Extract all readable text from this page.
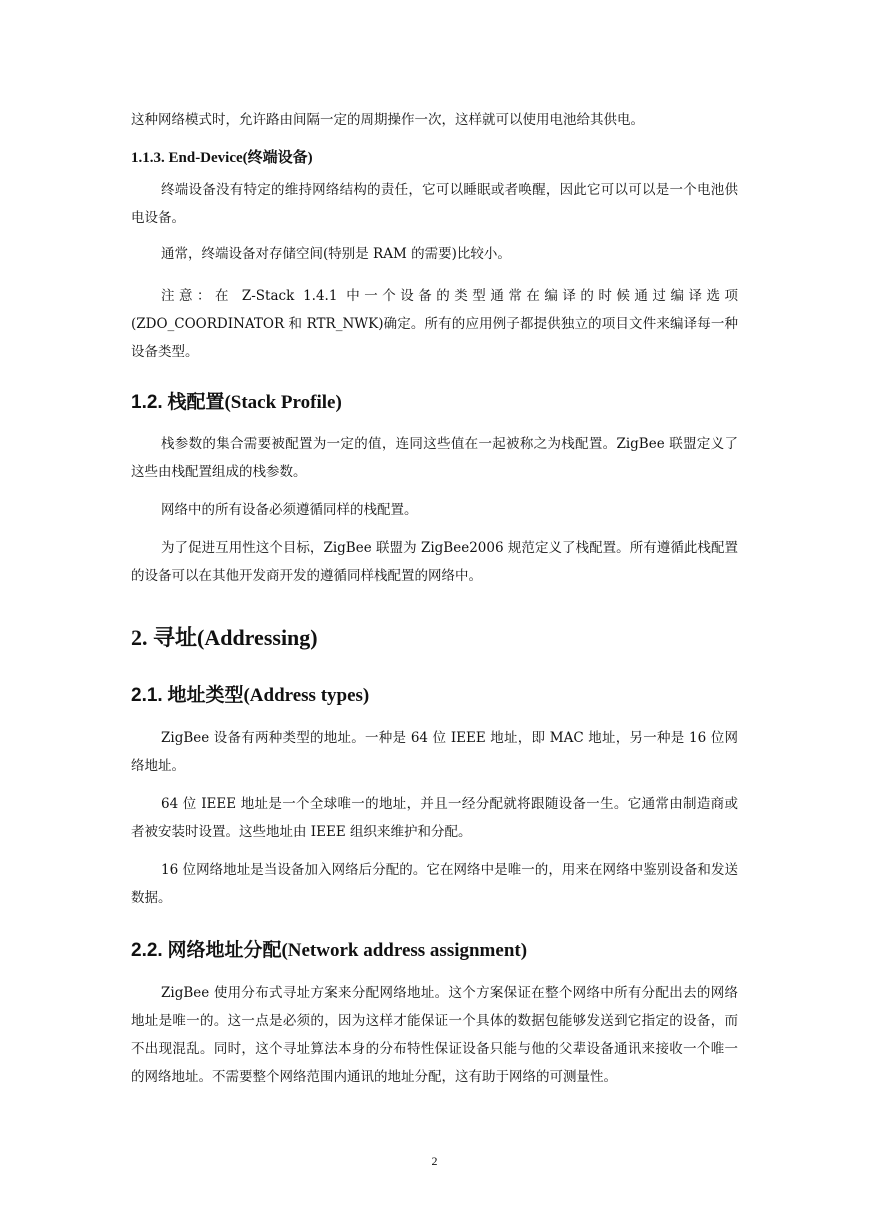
这种网络模式时，允许路由间隔一定的周期操作一次，这样就可以使用电池给其供电。

1.1.3. End-Device(终端设备)

终端设备没有特定的维持网络结构的责任，它可以睡眠或者唤醒，因此它可以可以是一个电池供电设备。

通常，终端设备对存储空间(特别是 RAM 的需要)比较小。

注意：在 Z-Stack 1.4.1 中一个设备的类型通常在编译的时候通过编译选项(ZDO_COORDINATOR 和 RTR_NWK)确定。所有的应用例子都提供独立的项目文件来编译每一种设备类型。

1.2. 栈配置(Stack Profile)

栈参数的集合需要被配置为一定的值，连同这些值在一起被称之为栈配置。ZigBee 联盟定义了这些由栈配置组成的栈参数。

网络中的所有设备必须遵循同样的栈配置。

为了促进互用性这个目标，ZigBee 联盟为 ZigBee2006 规范定义了栈配置。所有遵循此栈配置的设备可以在其他开发商开发的遵循同样栈配置的网络中。

2. 寻址(Addressing)
2.1. 地址类型(Address types)

ZigBee 设备有两种类型的地址。一种是 64 位 IEEE 地址，即 MAC 地址，另一种是 16 位网络地址。

64 位 IEEE 地址是一个全球唯一的地址，并且一经分配就将跟随设备一生。它通常由制造商或者被安装时设置。这些地址由 IEEE 组织来维护和分配。

16 位网络地址是当设备加入网络后分配的。它在网络中是唯一的，用来在网络中鉴别设备和发送数据。

2.2. 网络地址分配(Network address assignment)

ZigBee 使用分布式寻址方案来分配网络地址。这个方案保证在整个网络中所有分配出去的网络地址是唯一的。这一点是必须的，因为这样才能保证一个具体的数据包能够发送到它指定的设备，而不出现混乱。同时，这个寻址算法本身的分布特性保证设备只能与他的父辈设备通讯来接收一个唯一的网络地址。不需要整个网络范围内通讯的地址分配，这有助于网络的可测量性。

2
